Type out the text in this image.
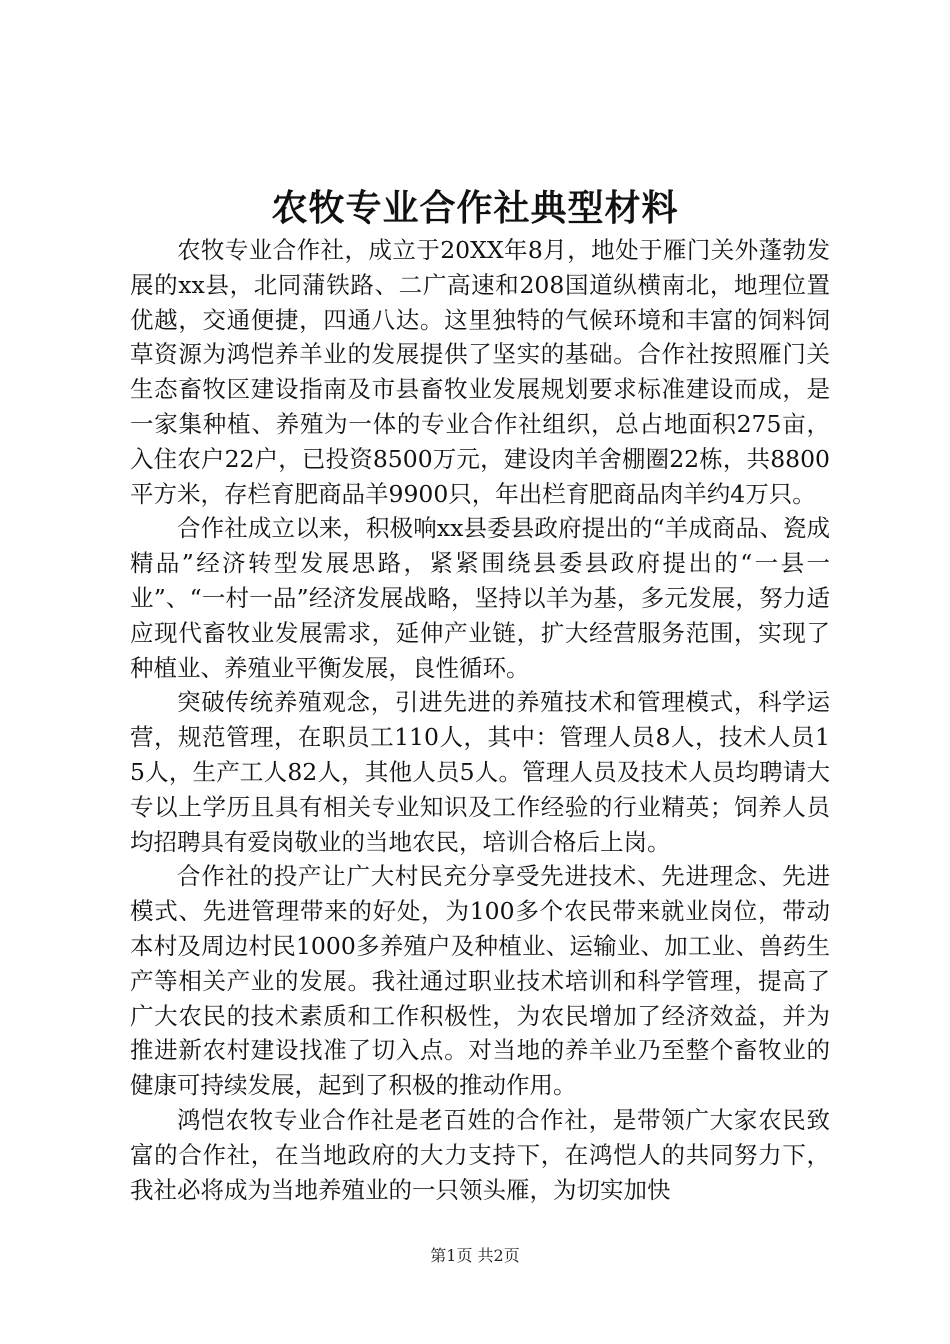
农牧专业合作社典型材料

农牧专业合作社，成立于20XX年8月，地处于雁门关外蓬勃发展的xx县，北同蒲铁路、二广高速和208国道纵横南北，地理位置优越，交通便捷，四通八达。这里独特的气候环境和丰富的饲料饲草资源为鸿恺养羊业的发展提供了坚实的基础。合作社按照雁门关生态畜牧区建设指南及市县畜牧业发展规划要求标准建设而成，是一家集种植、养殖为一体的专业合作社组织，总占地面积275亩，入住农户22户，已投资8500万元，建设肉羊舍棚圈22栋，共8800平方米，存栏育肥商品羊9900只，年出栏育肥商品肉羊约4万只。

合作社成立以来，积极响xx县委县政府提出的“羊成商品、瓷成精品”经济转型发展思路，紧紧围绕县委县政府提出的“一县一业”、“一村一品”经济发展战略，坚持以羊为基，多元发展，努力适应现代畜牧业发展需求，延伸产业链，扩大经营服务范围，实现了种植业、养殖业平衡发展，良性循环。

突破传统养殖观念，引进先进的养殖技术和管理模式，科学运营，规范管理，在职员工110人，其中：管理人员8人，技术人员15人，生产工人82人，其他人员5人。管理人员及技术人员均聘请大专以上学历且具有相关专业知识及工作经验的行业精英；饲养人员均招聘具有爱岗敬业的当地农民，培训合格后上岗。

合作社的投产让广大村民充分享受先进技术、先进理念、先进模式、先进管理带来的好处，为100多个农民带来就业岗位，带动本村及周边村民1000多养殖户及种植业、运输业、加工业、兽药生产等相关产业的发展。我社通过职业技术培训和科学管理，提高了广大农民的技术素质和工作积极性，为农民增加了经济效益，并为推进新农村建设找准了切入点。对当地的养羊业乃至整个畜牧业的健康可持续发展，起到了积极的推动作用。

鸿恺农牧专业合作社是老百姓的合作社，是带领广大家农民致富的合作社，在当地政府的大力支持下，在鸿恺人的共同努力下，我社必将成为当地养殖业的一只领头雁，为切实加快

第1页 共2页
